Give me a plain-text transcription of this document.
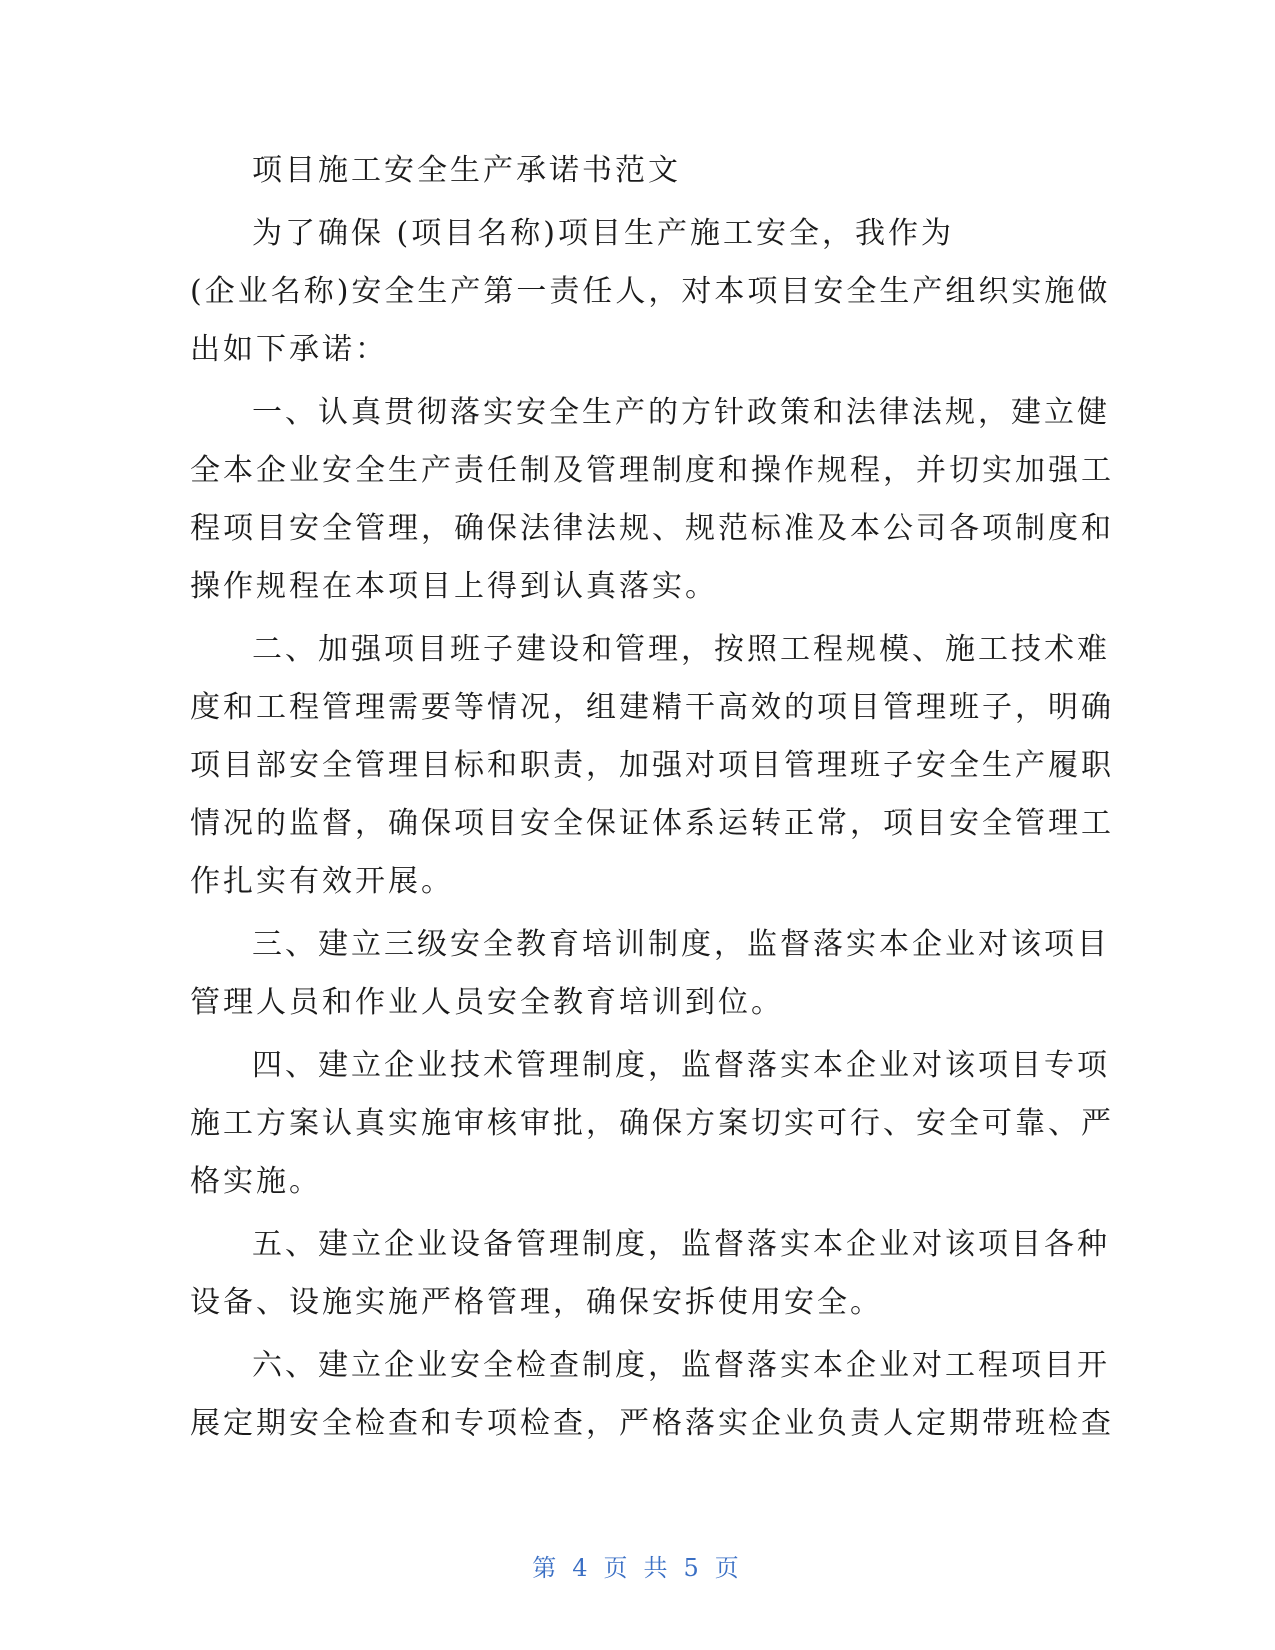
项目施工安全生产承诺书范文
为了确保 (项目名称)项目生产施工安全，我作为
(企业名称)安全生产第一责任人，对本项目安全生产组织实施做
出如下承诺：
一、认真贯彻落实安全生产的方针政策和法律法规，建立健
全本企业安全生产责任制及管理制度和操作规程，并切实加强工
程项目安全管理，确保法律法规、规范标准及本公司各项制度和
操作规程在本项目上得到认真落实。
二、加强项目班子建设和管理，按照工程规模、施工技术难
度和工程管理需要等情况，组建精干高效的项目管理班子，明确
项目部安全管理目标和职责，加强对项目管理班子安全生产履职
情况的监督，确保项目安全保证体系运转正常，项目安全管理工
作扎实有效开展。
三、建立三级安全教育培训制度，监督落实本企业对该项目
管理人员和作业人员安全教育培训到位。
四、建立企业技术管理制度，监督落实本企业对该项目专项
施工方案认真实施审核审批，确保方案切实可行、安全可靠、严
格实施。
五、建立企业设备管理制度，监督落实本企业对该项目各种
设备、设施实施严格管理，确保安拆使用安全。
六、建立企业安全检查制度，监督落实本企业对工程项目开
展定期安全检查和专项检查，严格落实企业负责人定期带班检查
第 4 页 共 5 页
